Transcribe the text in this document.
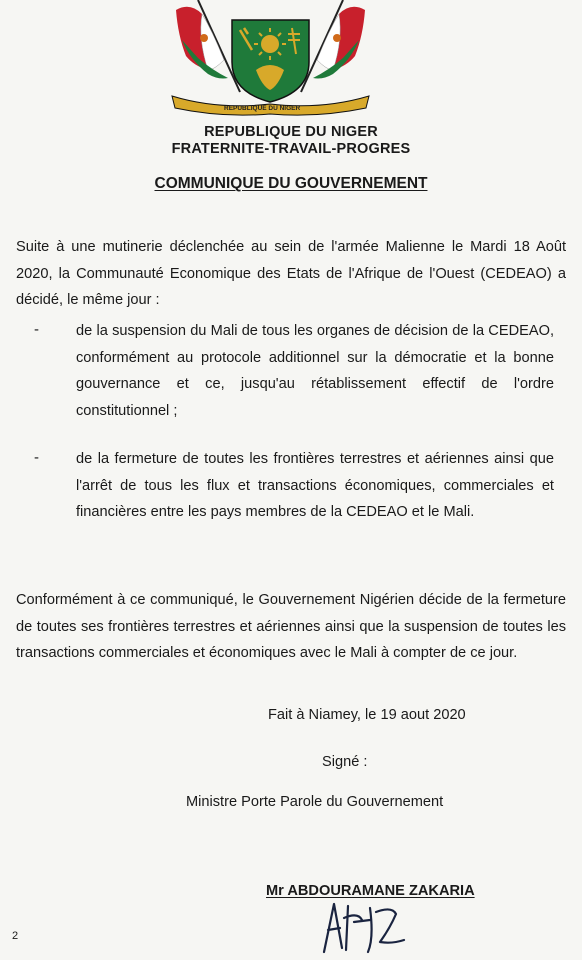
REPUBLIQUE DU NIGER
REPUBLIQUE DU NIGER
FRATERNITE-TRAVAIL-PROGRES
COMMUNIQUE DU GOUVERNEMENT
Suite à une mutinerie déclenchée au sein de l'armée Malienne le Mardi 18 Août 2020, la Communauté Economique des Etats de l'Afrique de l'Ouest (CEDEAO) a décidé, le même jour :
-	de la suspension du Mali de tous les organes de décision de la CEDEAO, conformément au protocole additionnel sur la démocratie et la bonne gouvernance et ce, jusqu'au rétablissement effectif de l'ordre constitutionnel ;
-	de la fermeture de toutes les frontières terrestres et aériennes ainsi que l'arrêt de tous les flux et transactions économiques, commerciales et financières entre les pays membres de la CEDEAO et le Mali.
Conformément à ce communiqué, le Gouvernement Nigérien décide de la fermeture de toutes ses frontières terrestres et aériennes ainsi que la suspension de toutes les transactions commerciales et économiques avec le Mali à compter de ce jour.
Fait à Niamey, le 19 aout 2020
Signé :
Ministre Porte Parole du Gouvernement
Mr ABDOURAMANE ZAKARIA
2
